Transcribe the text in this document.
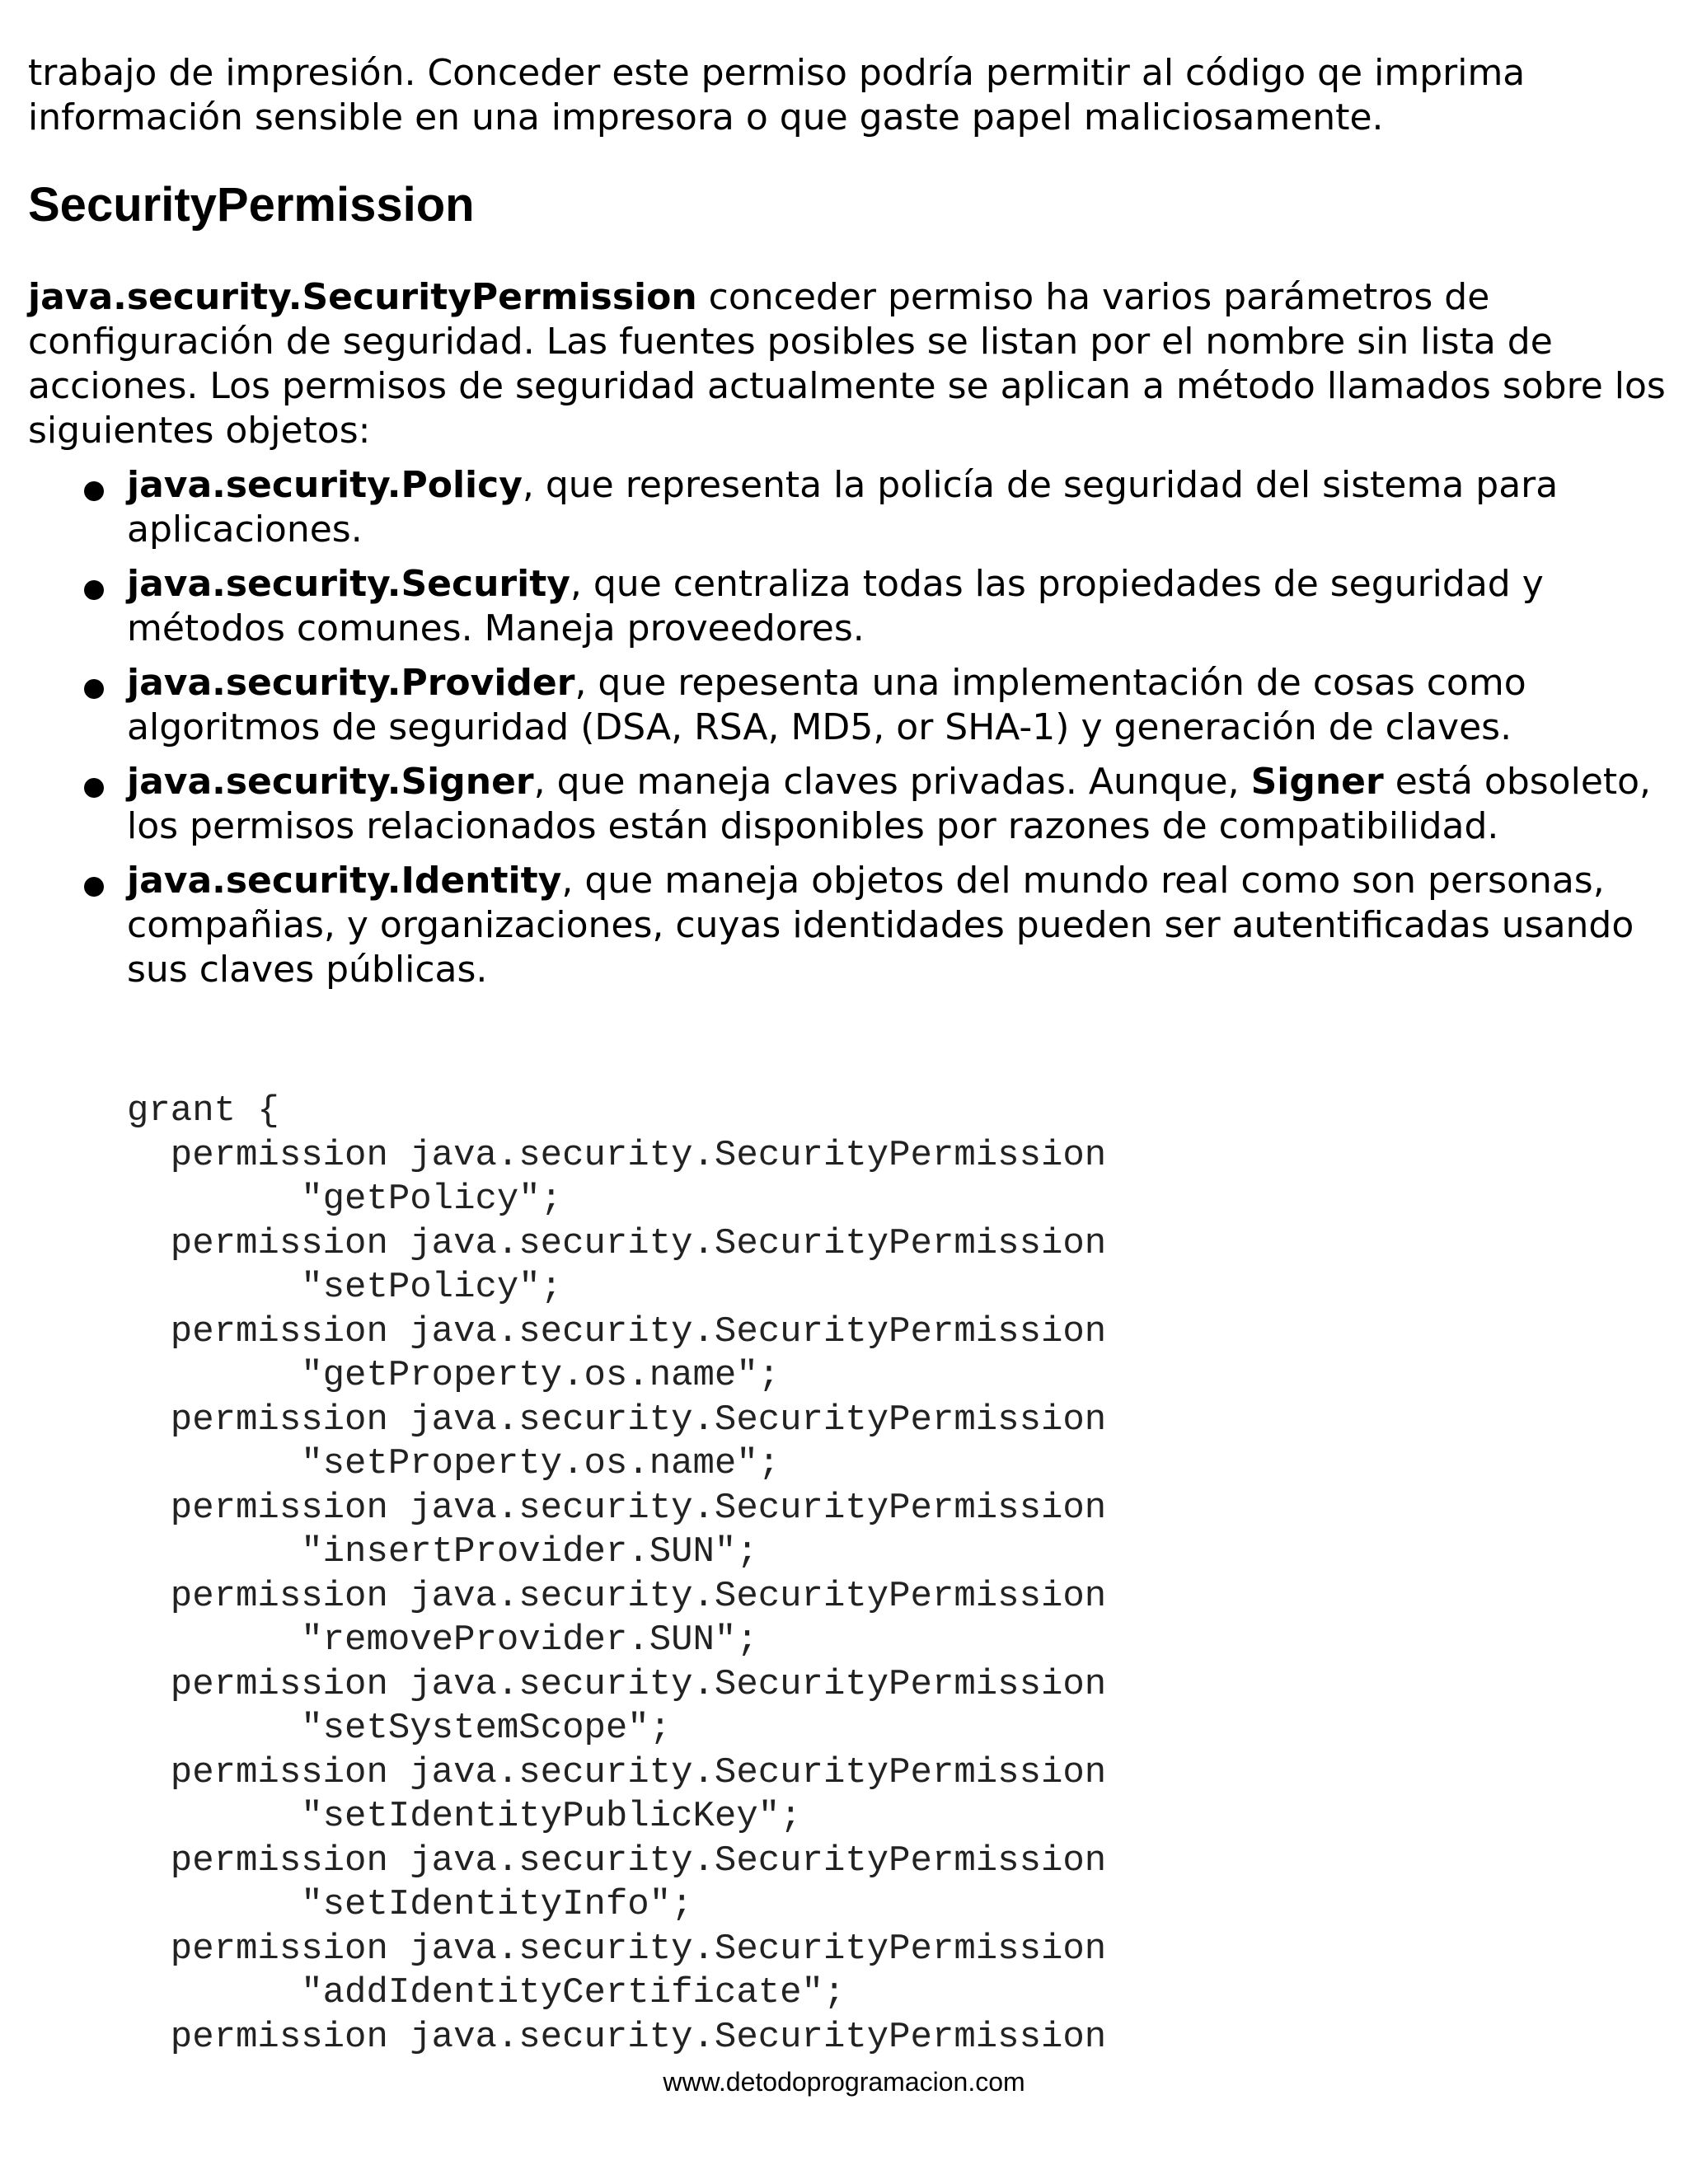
trabajo de impresión. Conceder este permiso podría permitir al código qe imprima información sensible en una impresora o que gaste papel maliciosamente.

SecurityPermission

java.security.SecurityPermission conceder permiso ha varios parámetros de configuración de seguridad. Las fuentes posibles se listan por el nombre sin lista de acciones. Los permisos de seguridad actualmente se aplican a método llamados sobre los siguientes objetos:

java.security.Policy, que representa la policía de seguridad del sistema para aplicaciones.
java.security.Security, que centraliza todas las propiedades de seguridad y métodos comunes. Maneja proveedores.
java.security.Provider, que repesenta una implementación de cosas como algoritmos de seguridad (DSA, RSA, MD5, or SHA-1) y generación de claves.
java.security.Signer, que maneja claves privadas. Aunque, Signer está obsoleto, los permisos relacionados están disponibles por razones de compatibilidad.
java.security.Identity, que maneja objetos del mundo real como son personas, compañias, y organizaciones, cuyas identidades pueden ser autentificadas usando sus claves públicas.
grant {
permission java.security.SecurityPermission
"getPolicy";
permission java.security.SecurityPermission
"setPolicy";
permission java.security.SecurityPermission
"getProperty.os.name";
permission java.security.SecurityPermission
"setProperty.os.name";
permission java.security.SecurityPermission
"insertProvider.SUN";
permission java.security.SecurityPermission
"removeProvider.SUN";
permission java.security.SecurityPermission
"setSystemScope";
permission java.security.SecurityPermission
"setIdentityPublicKey";
permission java.security.SecurityPermission
"setIdentityInfo";
permission java.security.SecurityPermission
"addIdentityCertificate";
permission java.security.SecurityPermission
www.detodoprogramacion.com
